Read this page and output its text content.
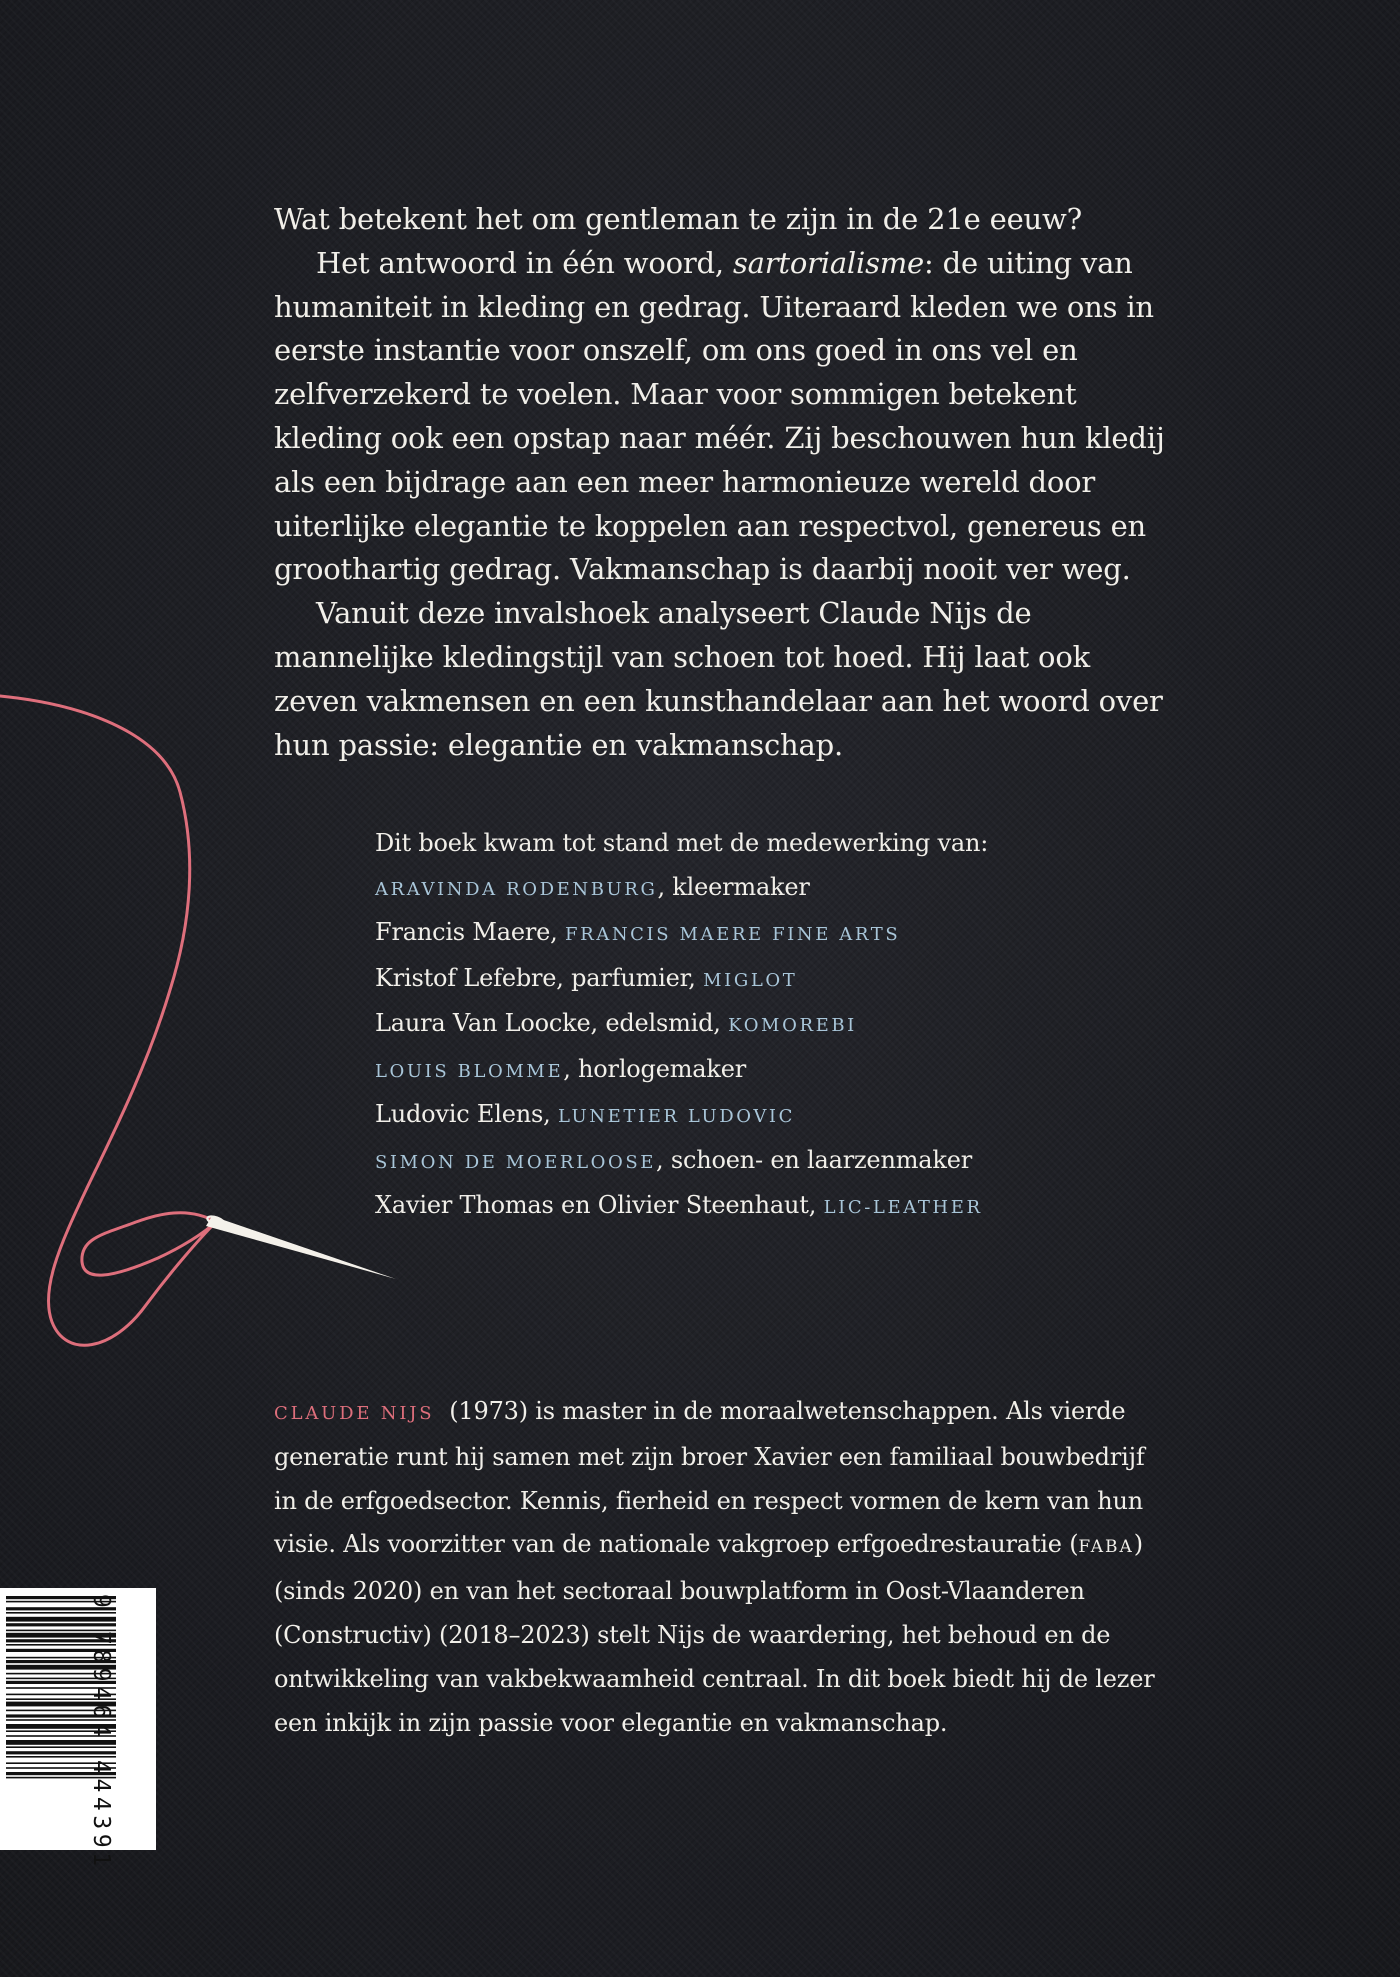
Wat betekent het om gentleman te zijn in de 21e eeuw?

Het antwoord in één woord, sartorialisme: de uiting van humaniteit in kleding en gedrag. Uiteraard kleden we ons in eerste instantie voor onszelf, om ons goed in ons vel en zelfverzekerd te voelen. Maar voor sommigen betekent kleding ook een opstap naar méér. Zij beschouwen hun kledij als een bijdrage aan een meer harmonieuze wereld door uiterlijke elegantie te koppelen aan respectvol, genereus en groothartig gedrag. Vakmanschap is daarbij nooit ver weg.

Vanuit deze invalshoek analyseert Claude Nijs de mannelijke kledingstijl van schoen tot hoed. Hij laat ook zeven vakmensen en een kunsthandelaar aan het woord over hun passie: elegantie en vakmanschap.

Dit boek kwam tot stand met de medewerking van:
ARAVINDA RODENBURG, kleermaker
Francis Maere, FRANCIS MAERE FINE ARTS
Kristof Lefebre, parfumier, MIGLOT
Laura Van Loocke, edelsmid, KOMOREBI
LOUIS BLOMME, horlogemaker
Ludovic Elens, LUNETIER LUDOVIC
SIMON DE MOERLOOSE, schoen- en laarzenmaker
Xavier Thomas en Olivier Steenhaut, LIC-LEATHER

CLAUDE NIJS (1973) is master in de moraalwetenschappen. Als vierde generatie runt hij samen met zijn broer Xavier een familiaal bouwbedrijf in de erfgoedsector. Kennis, fierheid en respect vormen de kern van hun visie. Als voorzitter van de nationale vakgroep erfgoedrestauratie (FABA) (sinds 2020) en van het sectoraal bouwplatform in Oost-Vlaanderen (Constructiv) (2018–2023) stelt Nijs de waardering, het behoud en de ontwikkeling van vakbekwaamheid centraal. In dit boek biedt hij de lezer een inkijk in zijn passie voor elegantie en vakmanschap.

9 789464 444391
